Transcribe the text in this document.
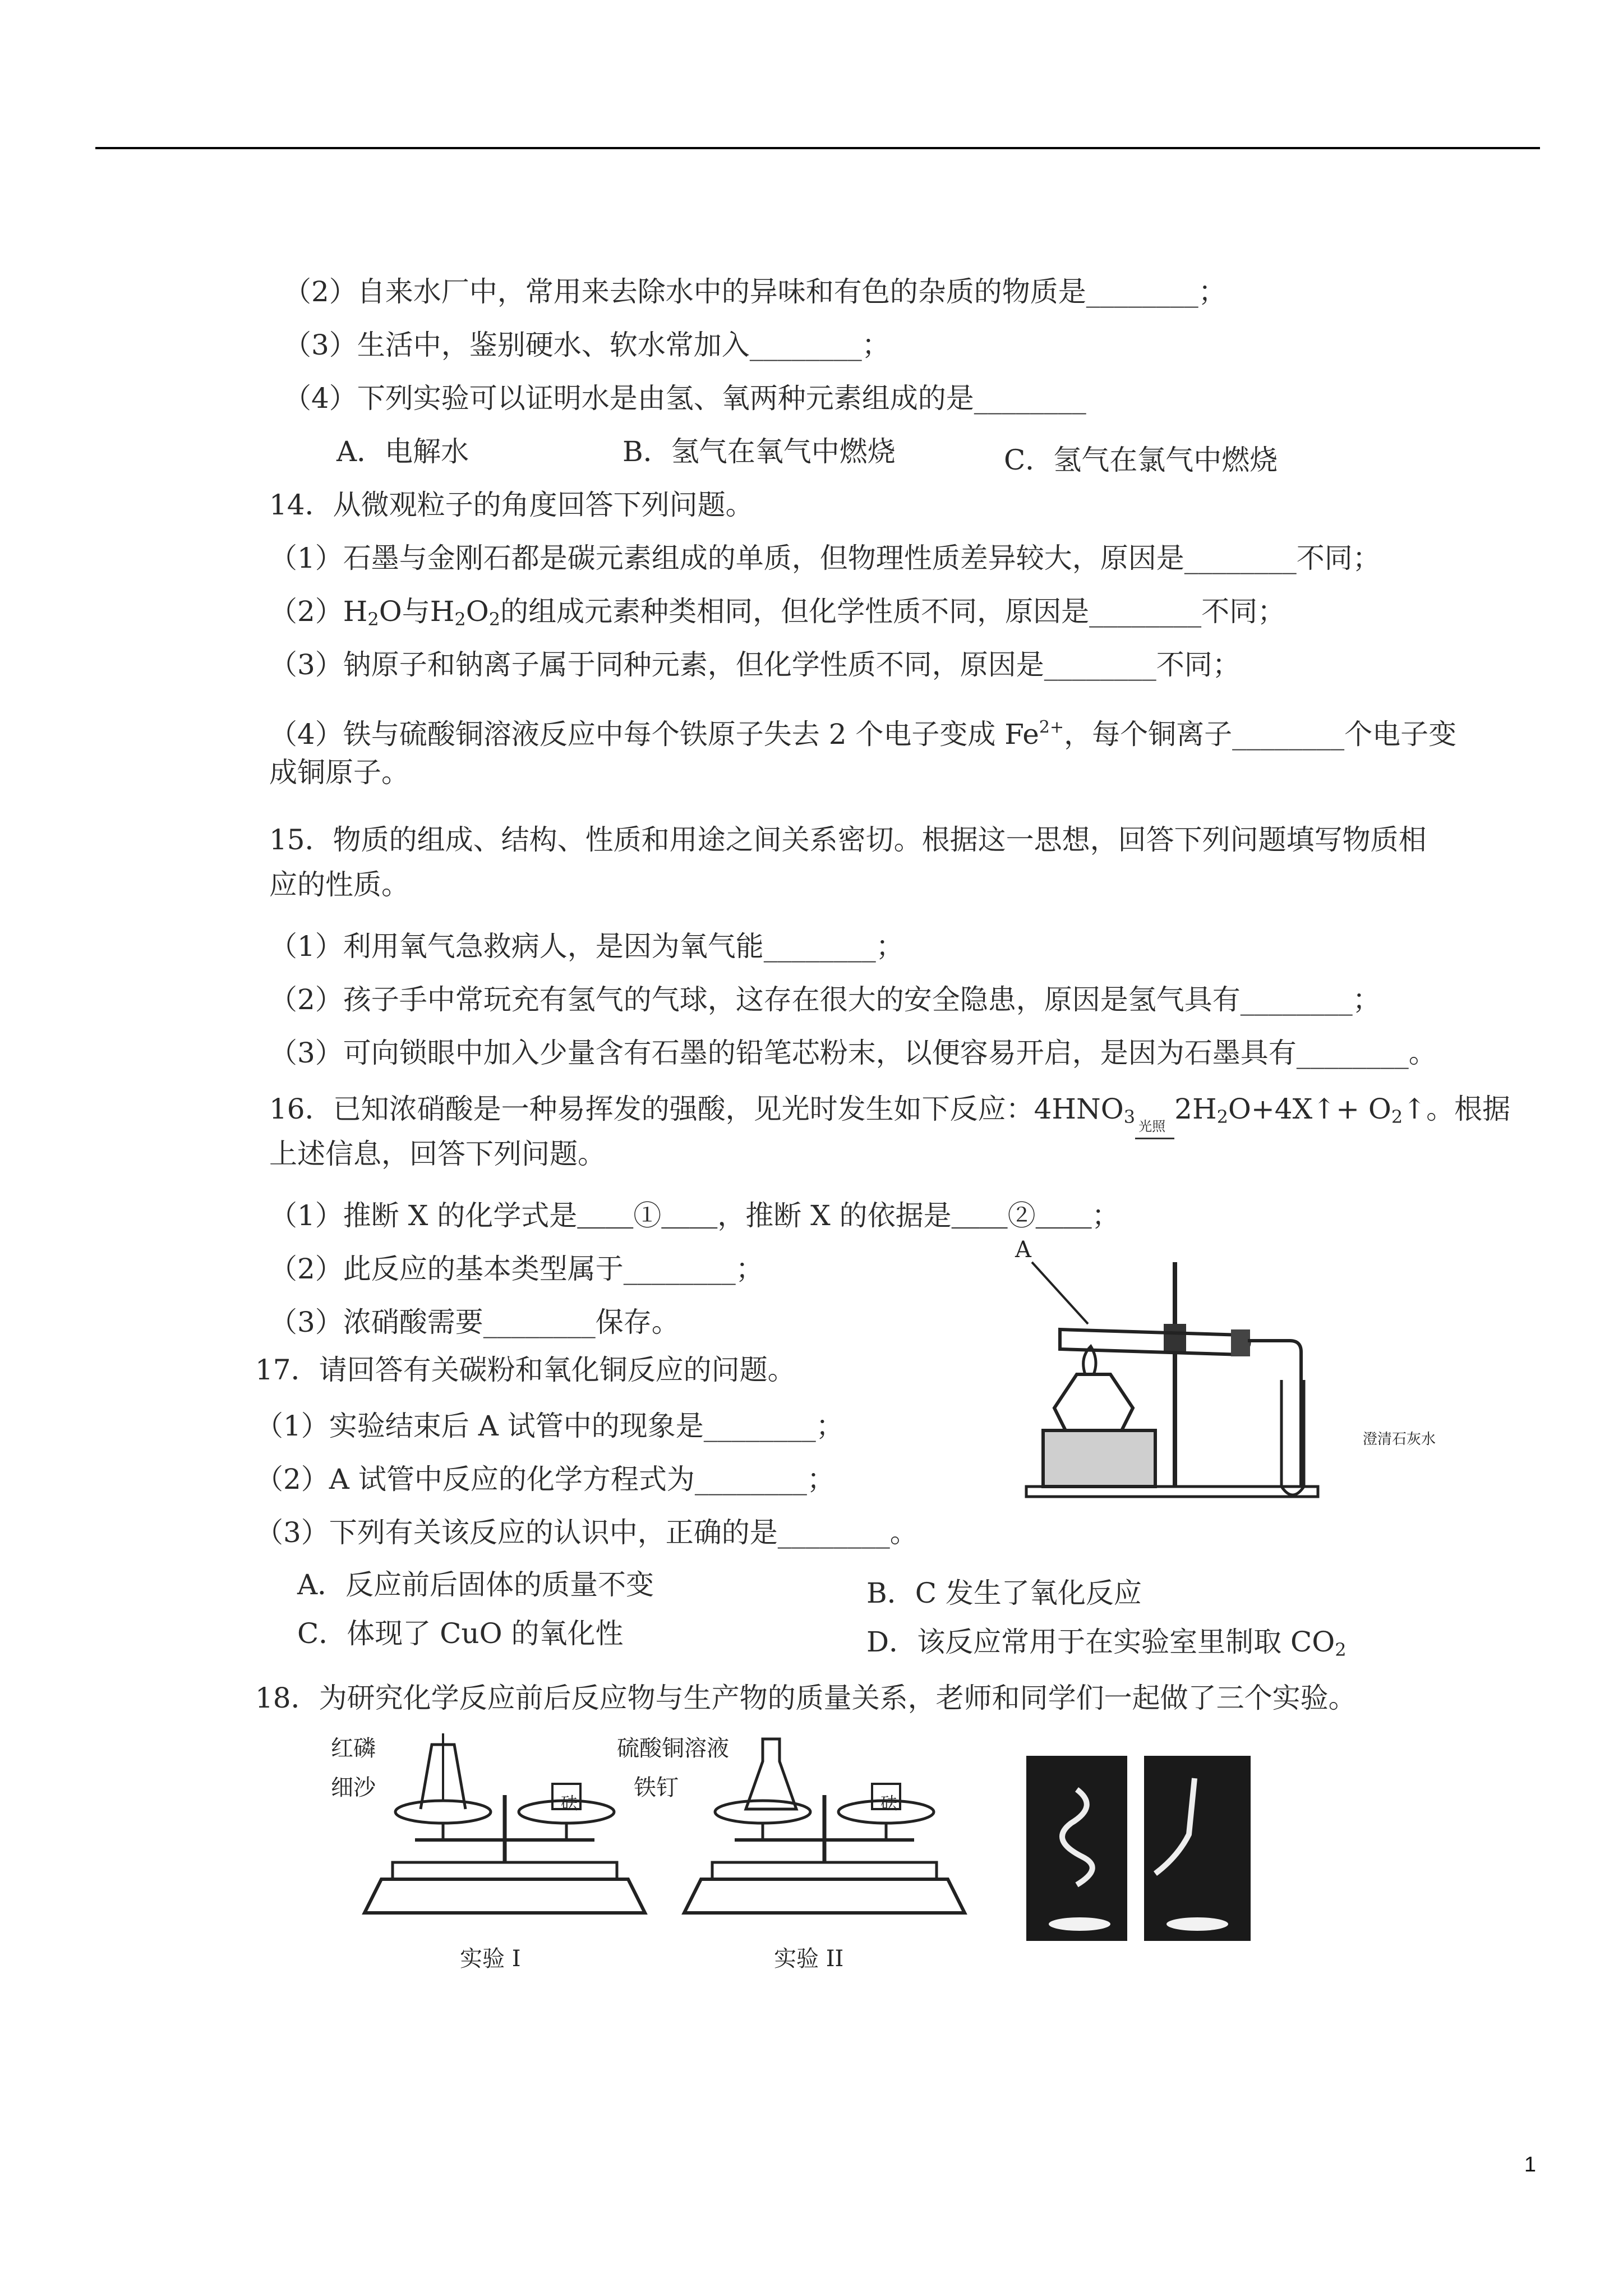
（2）自来水厂中，常用来去除水中的异味和有色的杂质的物质是________；
（3）生活中，鉴别硬水、软水常加入________；
（4）下列实验可以证明水是由氢、氧两种元素组成的是________
A．电解水	B．氢气在氧气中燃烧	C．氢气在氯气中燃烧
14．从微观粒子的角度回答下列问题。
（1）石墨与金刚石都是碳元素组成的单质，但物理性质差异较大，原因是________不同；
$(2)H_2O$与$H_2O_2$的组成元素种类相同，但化学性质不同，原因是________不同；
（3）钠原子和钠离子属于同种元素，但化学性质不同，原因是________不同；
（4）铁与硫酸铜溶液反应中每个铁原子失去 2 个电子变成 $Fe^{2+}$，每个铜离子________个电子变
成铜原子。
15．物质的组成、结构、性质和用途之间关系密切。根据这一思想，回答下列问题填写物质相
应的性质。
（1）利用氧气急救病人，是因为氧气能________；
（2）孩子手中常玩充有氢气的气球，这存在很大的安全隐患，原因是氢气具有________；
（3）可向锁眼中加入少量含有石墨的铅笔芯粉末，以便容易开启，是因为石墨具有________。
16．已知浓硝酸是一种易挥发的强酸，见光时发生如下反应：$4HNO_3$ 光照
$2H_2O+4X↑+$ $O_2↑$。根据
上述信息，回答下列问题。
（1）推断 X 的化学式是＿＿①＿＿，推断 X 的依据是＿＿②＿＿；
（2）此反应的基本类型属于________；
（3）浓硝酸需要________保存。
17．请回答有关碳粉和氧化铜反应的问题。
（1）实验结束后 A 试管中的现象是________；
（2）A 试管中反应的化学方程式为________；
（3）下列有关该反应的认识中，正确的是________。
A．反应前后固体的质量不变	B．C 发生了氧化反应
C．体现了 CuO 的氧化性	D．该反应常用于在实验室里制取 $CO_2$
18．为研究化学反应前后反应物与生产物的质量关系，老师和同学们一起做了三个实验。
A
澄清石灰水
红磷
细沙
砝
实验 I
硫酸铜溶液
铁钉
砝
实验 II
1
